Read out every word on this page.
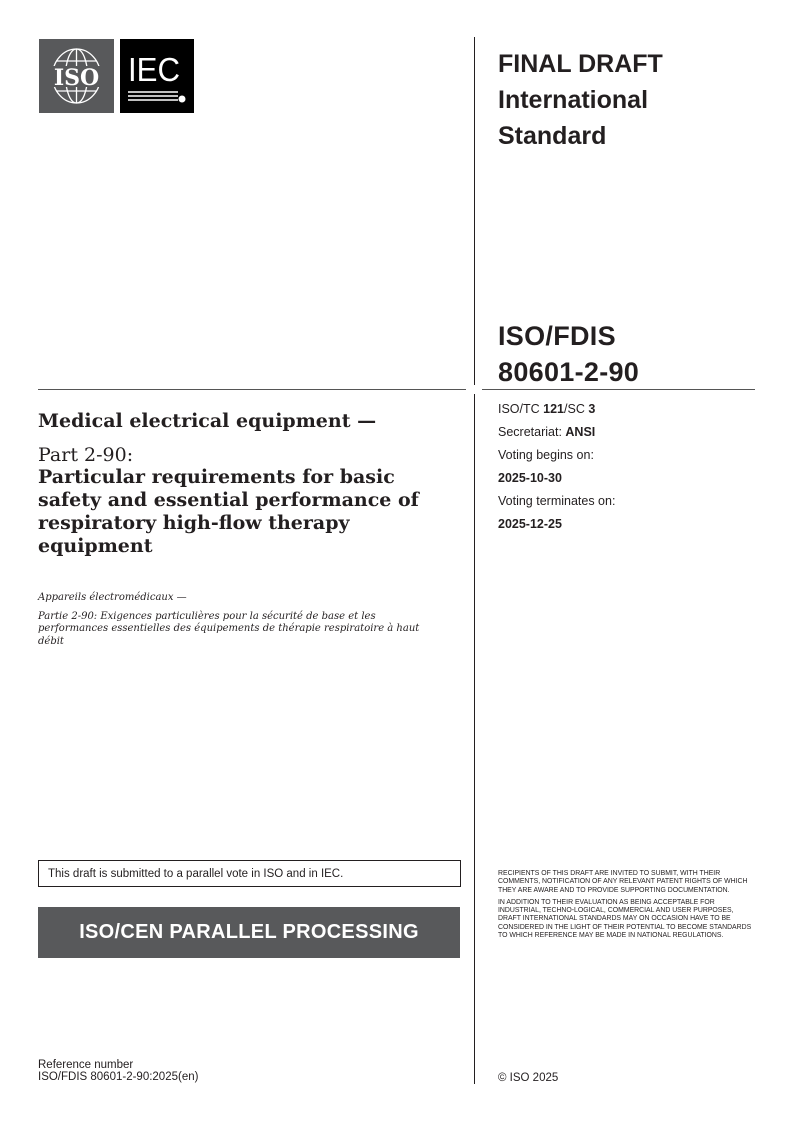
ISO IEC	FINAL DRAFT
International
Standard
ISO/FDIS
80601-2-90
ISO/TC 121/SC 3
Secretariat: ANSI
Voting begins on:
2025-10-30
Voting terminates on:
2025-12-25
Medical electrical equipment —
Part 2-90:
Particular requirements for basic safety and essential performance of respiratory high-flow therapy equipment
Appareils électromédicaux —
Partie 2-90: Exigences particulières pour la sécurité de base et les performances essentielles des équipements de thérapie respiratoire à haut débit
This draft is submitted to a parallel vote in ISO and in IEC.
ISO/CEN PARALLEL PROCESSING

RECIPIENTS OF THIS DRAFT ARE INVITED TO SUBMIT, WITH THEIR COMMENTS, NOTIFICATION OF ANY RELEVANT PATENT RIGHTS OF WHICH THEY ARE AWARE AND TO PROVIDE SUPPORTING DOCUMENTATION.

IN ADDITION TO THEIR EVALUATION AS BEING ACCEPTABLE FOR INDUSTRIAL, TECHNO-LOGICAL, COMMERCIAL AND USER PURPOSES, DRAFT INTERNATIONAL STANDARDS MAY ON OCCASION HAVE TO BE CONSIDERED IN THE LIGHT OF THEIR POTENTIAL TO BECOME STANDARDS TO WHICH REFERENCE MAY BE MADE IN NATIONAL REGULATIONS.

Reference number
ISO/FDIS 80601-2-90:2025(en)	© ISO 2025
